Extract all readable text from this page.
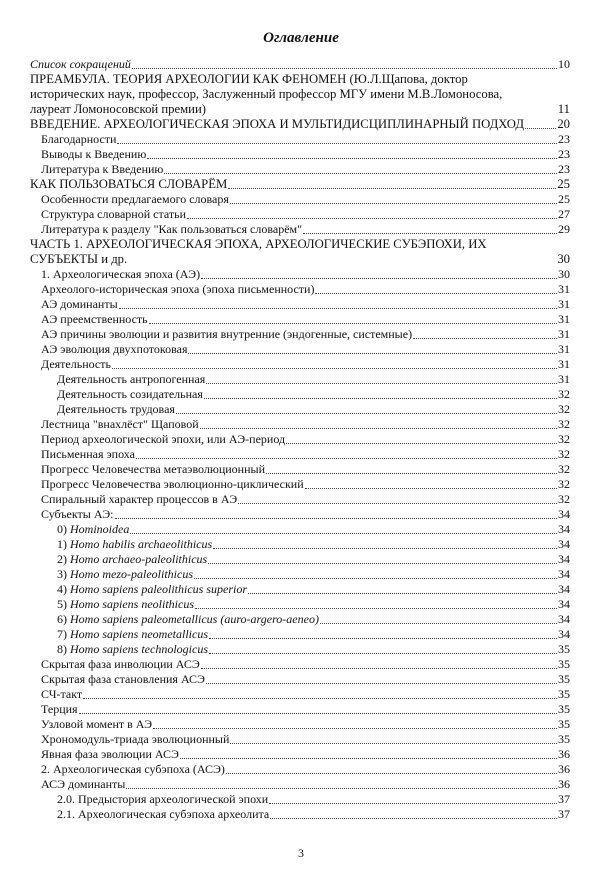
Оглавление
Список сокращений	10
ПРЕАМБУЛА. ТЕОРИЯ АРХЕОЛОГИИ КАК ФЕНОМЕН (Ю.Л.Щапова, доктор
исторических наук, профессор, Заслуженный профессор МГУ имени М.В.Ломоносова,
лауреат Ломоносовской премии)	11
ВВЕДЕНИЕ. АРХЕОЛОГИЧЕСКАЯ ЭПОХА И МУЛЬТИДИСЦИПЛИНАРНЫЙ ПОДХОД	20
Благодарности	23
Выводы к Введению	23
Литература к Введению	23
КАК ПОЛЬЗОВАТЬСЯ СЛОВАРЁМ	25
Особенности предлагаемого словаря	25
Структура словарной статьи	27
Литература к разделу "Как пользоваться словарём"	29
ЧАСТЬ 1. АРХЕОЛОГИЧЕСКАЯ ЭПОХА, АРХЕОЛОГИЧЕСКИЕ СУБЭПОХИ, ИХ
СУБЪЕКТЫ и др.	30
1. Археологическая эпоха (АЭ)	30
Археолого-историческая эпоха (эпоха письменности)	31
АЭ доминанты	31
АЭ преемственность	31
АЭ причины эволюции и развития внутренние (эндогенные, системные)	31
АЭ эволюция двухпотоковая	31
Деятельность	31
Деятельность антропогенная	31
Деятельность созидательная	32
Деятельность трудовая	32
Лестница "внахлёст" Щаповой	32
Период археологической эпохи, или АЭ-период	32
Письменная эпоха	32
Прогресс Человечества метаэволюционный	32
Прогресс Человечества эволюционно-циклический	32
Спиральный характер процессов в АЭ	32
Субъекты АЭ:	34
0) Hominoidea	34
1) Homo habilis archaeolithicus	34
2) Homo archaeo-paleolithicus	34
3) Homo mezo-paleolithicus	34
4) Homo sapiens paleolithicus superior	34
5) Homo sapiens neolithicus	34
6) Homo sapiens paleometallicus (auro-argero-aeneo)	34
7) Homo sapiens neometallicus	34
8) Homo sapiens technologicus	35
Скрытая фаза инволюции АСЭ	35
Скрытая фаза становления АСЭ	35
СЧ-такт	35
Терция	35
Узловой момент в АЭ	35
Хрономодуль-триада эволюционный	35
Явная фаза эволюции АСЭ	36
2. Археологическая субэпоха (АСЭ)	36
АСЭ доминанты	36
2.0. Предыстория археологической эпохи	37
2.1. Археологическая субэпоха археолита	37
3
